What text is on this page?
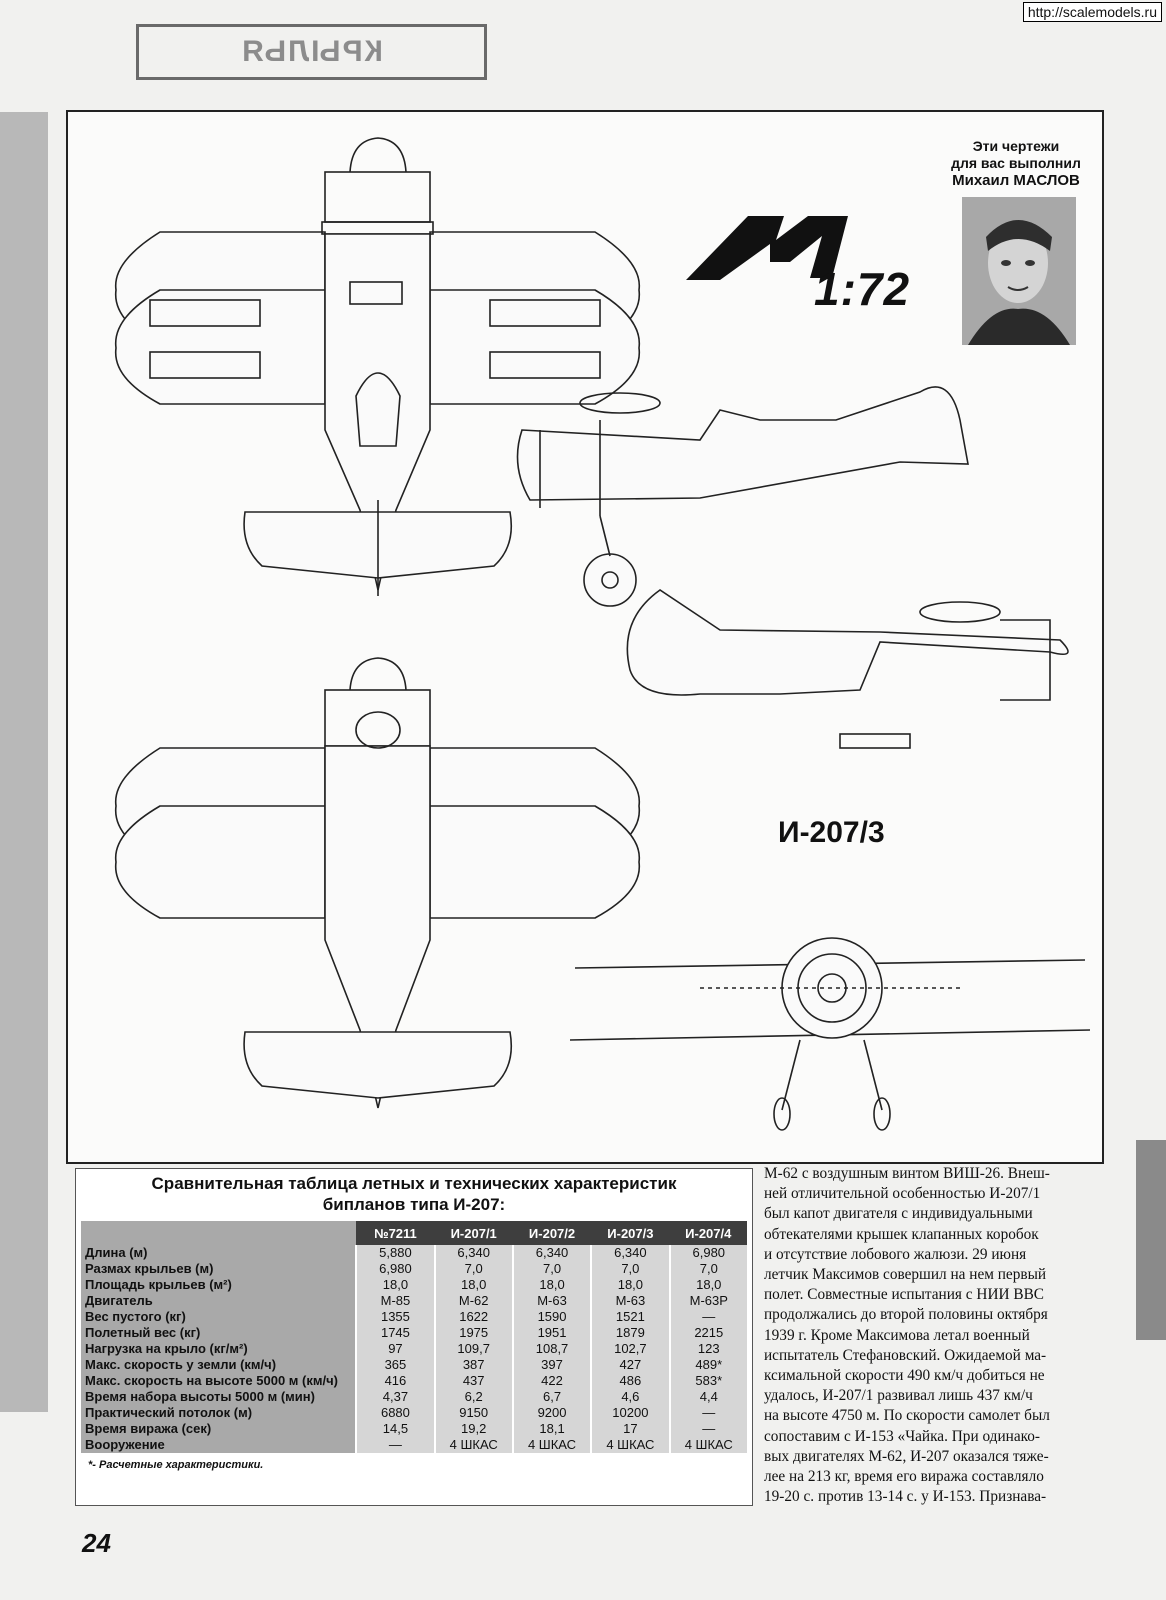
http://scalemodels.ru
КРЫЛЬЯ
Эти чертежи
для вас выполнил
Михаил МАСЛОВ
1:72
И-207/3
Сравнительная таблица летных и технических характеристик
бипланов типа И-207:
	№7211	И-207/1	И-207/2	И-207/3	И-207/4
Длина (м)	5,880	6,340	6,340	6,340	6,980
Размах крыльев (м)	6,980	7,0	7,0	7,0	7,0
Площадь крыльев (м²)	18,0	18,0	18,0	18,0	18,0
Двигатель	М-85	М-62	М-63	М-63	М-63Р
Вес пустого (кг)	1355	1622	1590	1521	—
Полетный вес (кг)	1745	1975	1951	1879	2215
Нагрузка на крыло (кг/м²)	97	109,7	108,7	102,7	123
Макс. скорость у земли (км/ч)	365	387	397	427	489*
Макс. скорость на высоте 5000 м (км/ч)	416	437	422	486	583*
Время набора высоты 5000 м (мин)	4,37	6,2	6,7	4,6	4,4
Практический потолок (м)	6880	9150	9200	10200	—
Время виража (сек)	14,5	19,2	18,1	17	—
Вооружение	—	4 ШКАС	4 ШКАС	4 ШКАС	4 ШКАС
*- Расчетные характеристики.
М-62 с воздушным винтом ВИШ-26. Внеш-
ней отличительной особенностью И-207/1
был капот двигателя с индивидуальными
обтекателями крышек клапанных коробок
и отсутствие лобового жалюзи. 29 июня
летчик Максимов совершил на нем первый
полет. Совместные испытания с НИИ ВВС
продолжались до второй половины октября
1939 г. Кроме Максимова летал военный
испытатель Стефановский. Ожидаемой ма-
ксимальной скорости 490 км/ч добиться не
удалось, И-207/1 развивал лишь 437 км/ч
на высоте 4750 м. По скорости самолет был
сопоставим с И-153 «Чайка. При одинако-
вых двигателях М-62, И-207 оказался тяже-
лее на 213 кг, время его виража составляло
19-20 с. против 13-14 с. у И-153. Признава-
24
